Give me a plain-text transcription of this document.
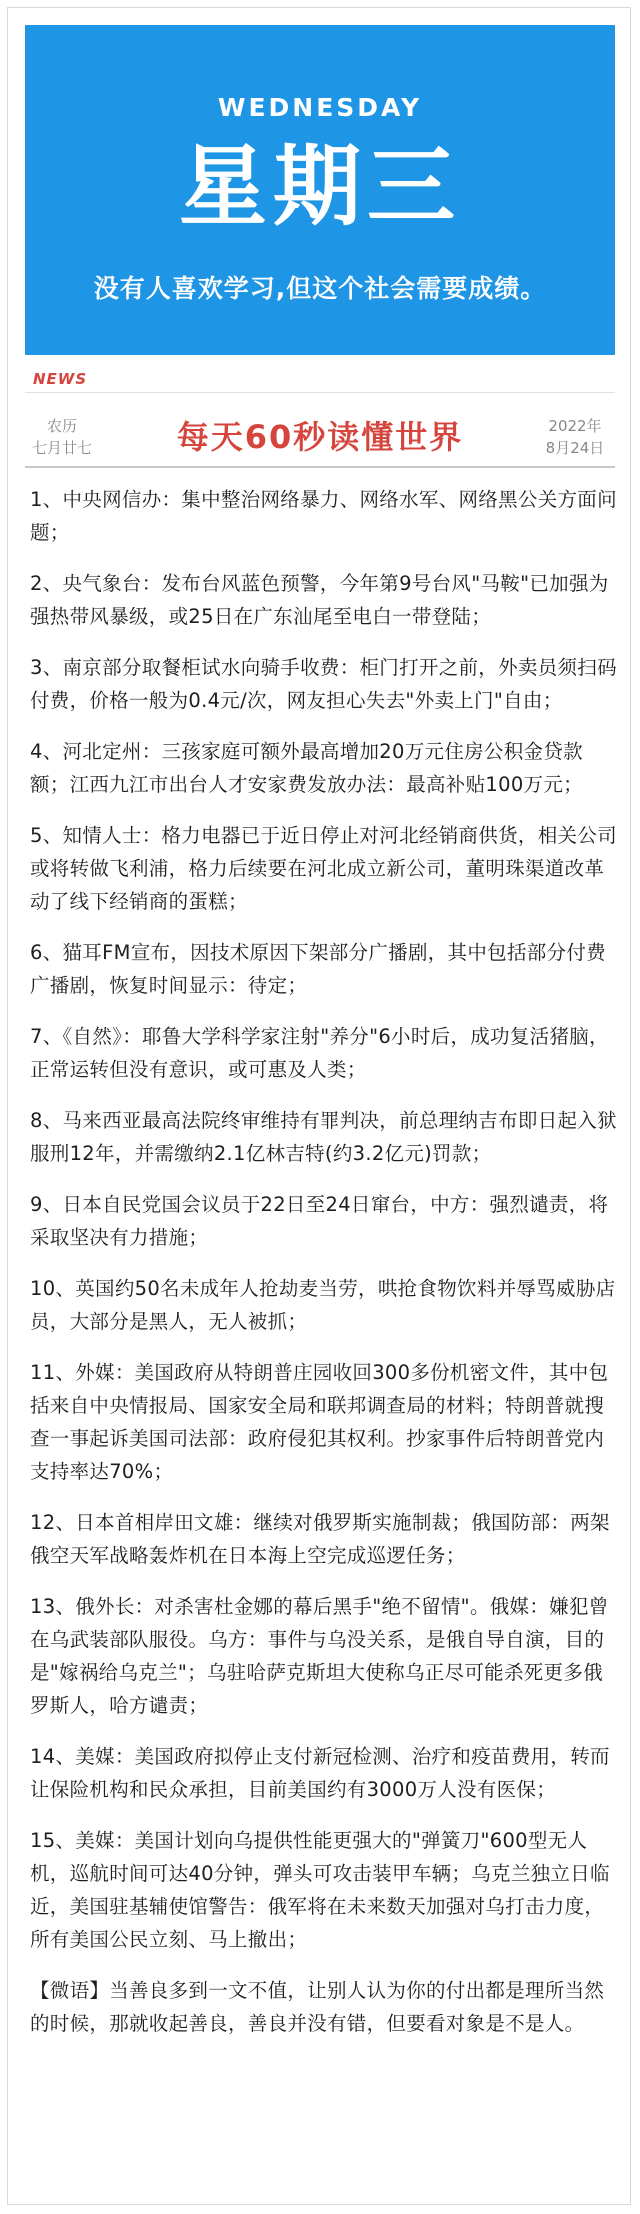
WEDNESDAY
星期三
没有人喜欢学习,但这个社会需要成绩。
NEWS
农历
七月廿七	每天60秒读懂世界	2022年
8月24日
1、中央网信办：集中整治网络暴力、网络水军、网络黑公关方面问题；
2、央气象台：发布台风蓝色预警，今年第9号台风"马鞍"已加强为强热带风暴级，或25日在广东汕尾至电白一带登陆；
3、南京部分取餐柜试水向骑手收费：柜门打开之前，外卖员须扫码付费，价格一般为0.4元/次，网友担心失去"外卖上门"自由；
4、河北定州：三孩家庭可额外最高增加20万元住房公积金贷款额；江西九江市出台人才安家费发放办法：最高补贴100万元；
5、知情人士：格力电器已于近日停止对河北经销商供货，相关公司或将转做飞利浦，格力后续要在河北成立新公司，董明珠渠道改革动了线下经销商的蛋糕；
6、猫耳FM宣布，因技术原因下架部分广播剧，其中包括部分付费广播剧，恢复时间显示：待定；
7、《自然》：耶鲁大学科学家注射"养分"6小时后，成功复活猪脑，正常运转但没有意识，或可惠及人类；
8、马来西亚最高法院终审维持有罪判决，前总理纳吉布即日起入狱服刑12年，并需缴纳2.1亿林吉特(约3.2亿元)罚款；
9、日本自民党国会议员于22日至24日窜台，中方：强烈谴责，将采取坚决有力措施；
10、英国约50名未成年人抢劫麦当劳，哄抢食物饮料并辱骂威胁店员，大部分是黑人，无人被抓；
11、外媒：美国政府从特朗普庄园收回300多份机密文件，其中包括来自中央情报局、国家安全局和联邦调查局的材料；特朗普就搜查一事起诉美国司法部：政府侵犯其权利。抄家事件后特朗普党内支持率达70%；
12、日本首相岸田文雄：继续对俄罗斯实施制裁；俄国防部：两架俄空天军战略轰炸机在日本海上空完成巡逻任务；
13、俄外长：对杀害杜金娜的幕后黑手"绝不留情"。俄媒：嫌犯曾在乌武装部队服役。乌方：事件与乌没关系，是俄自导自演，目的是"嫁祸给乌克兰"；乌驻哈萨克斯坦大使称乌正尽可能杀死更多俄罗斯人，哈方谴责；
14、美媒：美国政府拟停止支付新冠检测、治疗和疫苗费用，转而让保险机构和民众承担，目前美国约有3000万人没有医保；
15、美媒：美国计划向乌提供性能更强大的"弹簧刀"600型无人机，巡航时间可达40分钟，弹头可攻击装甲车辆；乌克兰独立日临近，美国驻基辅使馆警告：俄军将在未来数天加强对乌打击力度，所有美国公民立刻、马上撤出；
【微语】当善良多到一文不值，让别人认为你的付出都是理所当然的时候，那就收起善良，善良并没有错，但要看对象是不是人。
